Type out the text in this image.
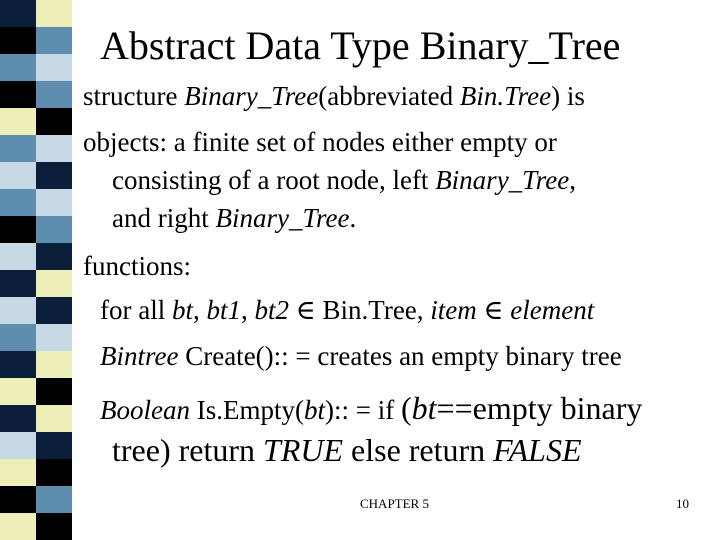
Abstract Data Type Binary_Tree
structure Binary_Tree(abbreviated Bin.Tree) is
objects: a finite set of nodes either empty or
consisting of a root node, left Binary_Tree,
and right Binary_Tree.
functions:
for all bt, bt1, bt2 ∈ Bin.Tree, item ∈ element
Bintree Create():: = creates an empty binary tree
Boolean Is.Empty(bt):: = if (bt==empty binary
tree) return TRUE else return FALSE
CHAPTER 5	10
